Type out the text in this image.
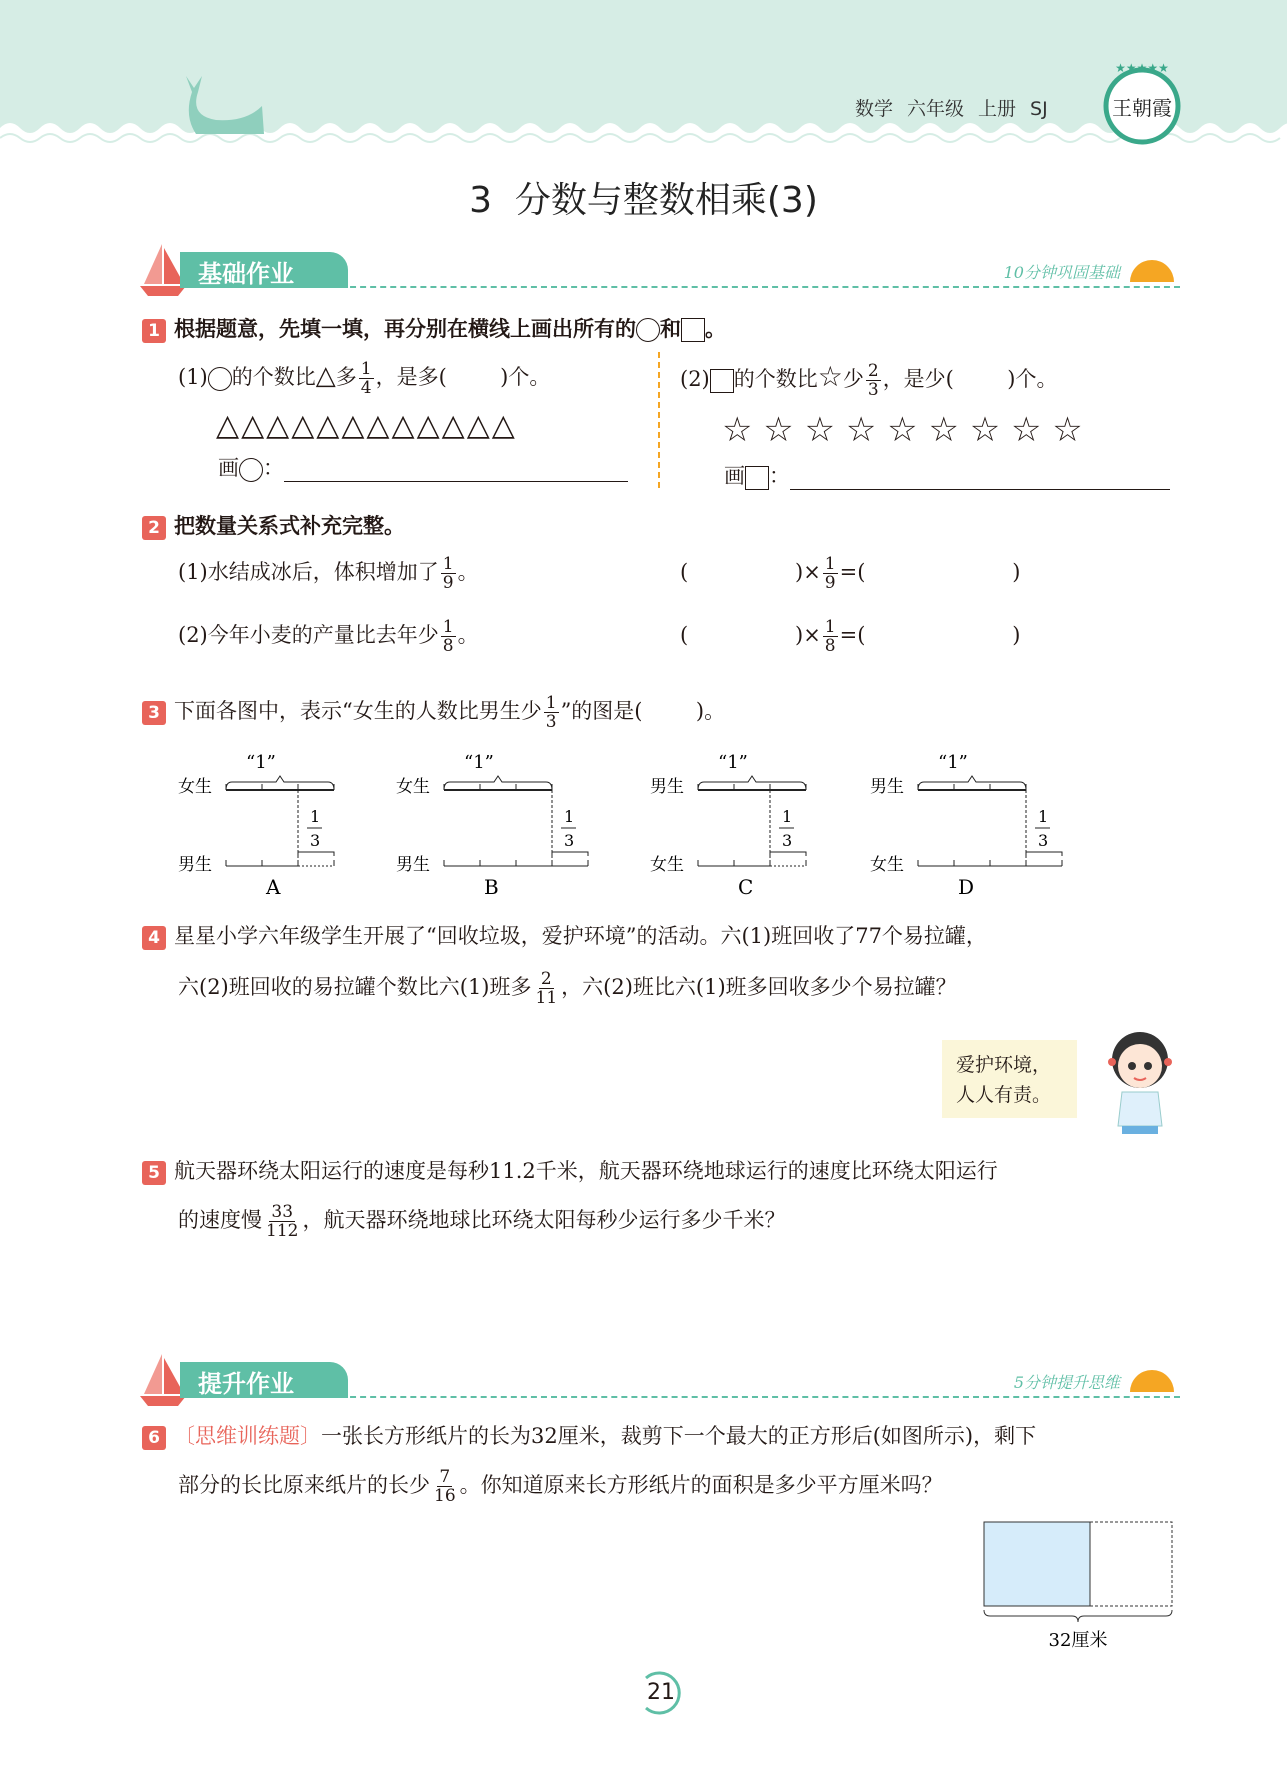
数学 六年级 上册 SJ	王朝霞
★★★★★
3  分数与整数相乘(3)
基础作业	10分钟巩固基础
1 根据题意，先填一填，再分别在横线上画出所有的 和 。
(1) 的个数比△多 $\frac{1}{4}$ ，是多(        )个。
△△△△△△△△△△△△
画 ：
(2) 的个数比☆少 $\frac{2}{3}$ ，是少(        )个。
☆ ☆ ☆ ☆ ☆ ☆ ☆ ☆ ☆
画 ：
2 把数量关系式补充完整。
(1)水结成冰后，体积增加了 $\frac{1}{9}$ 。	(                )× $\frac{1}{9}$ =(                      )
(2)今年小麦的产量比去年少 $\frac{1}{8}$ 。	(                )× $\frac{1}{8}$ =(                      )
3 下面各图中，表示“女生的人数比男生少 $\frac{1}{3}$ ”的图是(        )。
“1”
女生
1
3
男生
A
“1”
女生
1
3
男生
B
“1”
男生
1
3
女生
C
“1”
男生
1
3
女生
D
4 星星小学六年级学生开展了“回收垃圾，爱护环境”的活动。六(1)班回收了77个易拉罐，
六(2)班回收的易拉罐个数比六(1)班多 $\frac{2}{11}$ ，六(2)班比六(1)班多回收多少个易拉罐？
爱护环境，
人人有责。
5 航天器环绕太阳运行的速度是每秒11.2千米，航天器环绕地球运行的速度比环绕太阳运行
的速度慢 $\frac{33}{112}$ ，航天器环绕地球比环绕太阳每秒少运行多少千米？
提升作业	5分钟提升思维
6 〔思维训练题〕一张长方形纸片的长为32厘米，裁剪下一个最大的正方形后(如图所示)，剩下
部分的长比原来纸片的长少 $\frac{7}{16}$ 。你知道原来长方形纸片的面积是多少平方厘米吗？
32厘米
21
